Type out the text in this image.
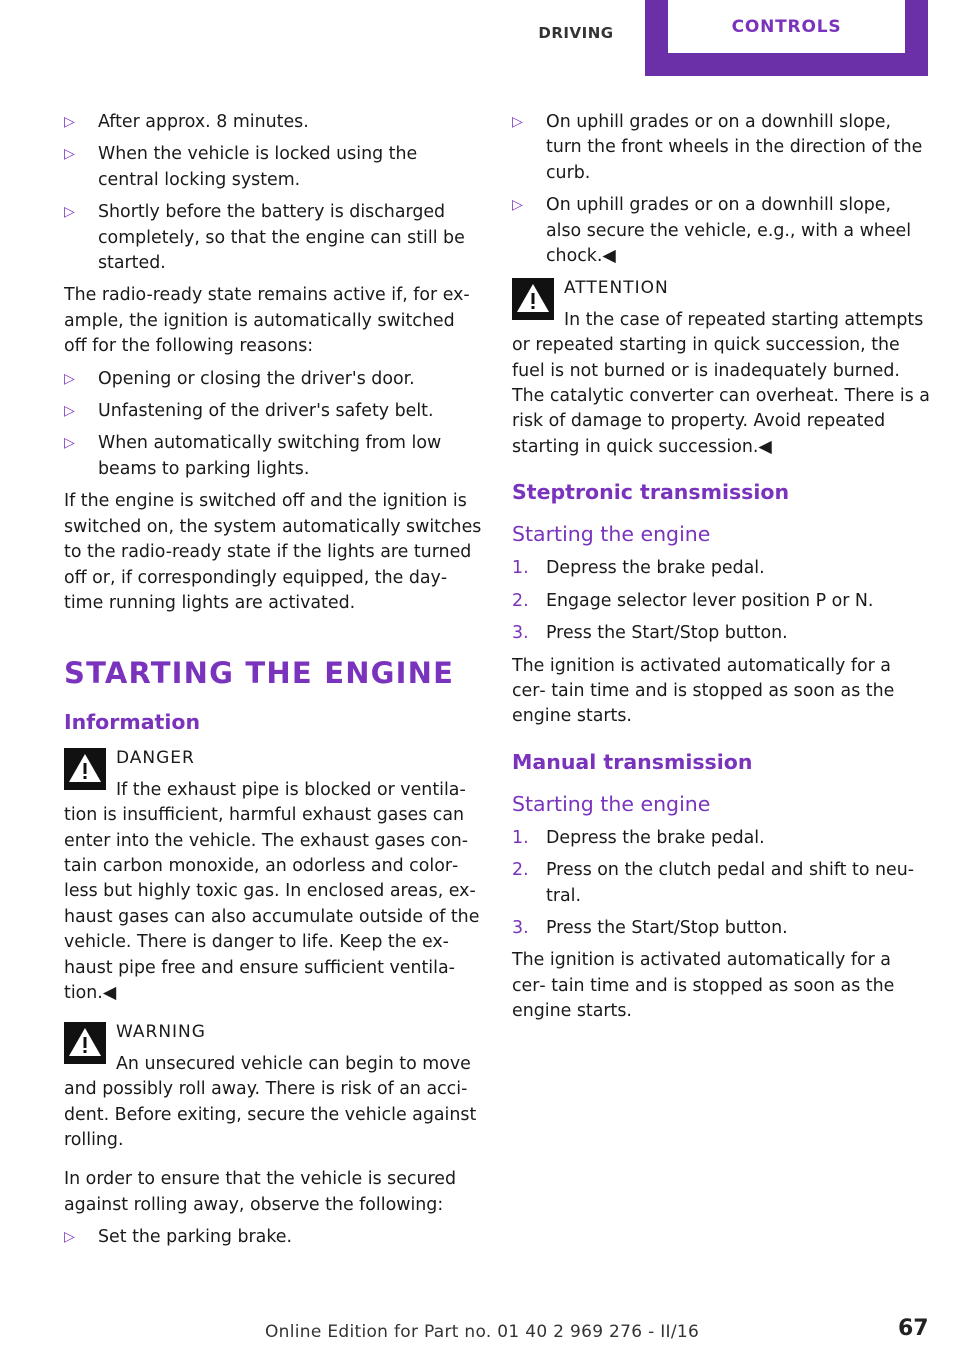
DRIVING	CONTROLS
▷ After approx. 8 minutes.
▷ When the vehicle is locked using the central locking system.
▷ Shortly before the battery is discharged completely, so that the engine can still be started.

The radio-ready state remains active if, for ex‐ ample, the ignition is automatically switched off for the following reasons:

▷ Opening or closing the driver's door.
▷ Unfastening of the driver's safety belt.
▷ When automatically switching from low beams to parking lights.

If the engine is switched off and the ignition is switched on, the system automatically switches to the radio-ready state if the lights are turned off or, if correspondingly equipped, the day‐ time running lights are activated.

STARTING THE ENGINE
Information
DANGER
If the exhaust pipe is blocked or ventila‐ tion is insufficient, harmful exhaust gases can enter into the vehicle. The exhaust gases con‐ tain carbon monoxide, an odorless and color‐ less but highly toxic gas. In enclosed areas, ex‐ haust gases can also accumulate outside of the vehicle. There is danger to life. Keep the ex‐ haust pipe free and ensure sufficient ventila‐ tion.◀
WARNING
An unsecured vehicle can begin to move and possibly roll away. There is risk of an acci‐ dent. Before exiting, secure the vehicle against rolling.

In order to ensure that the vehicle is secured against rolling away, observe the following:

▷ Set the parking brake.
▷ On uphill grades or on a downhill slope, turn the front wheels in the direction of the curb.
▷ On uphill grades or on a downhill slope, also secure the vehicle, e.g., with a wheel chock.◀
ATTENTION
In the case of repeated starting attempts or repeated starting in quick succession, the fuel is not burned or is inadequately burned. The catalytic converter can overheat. There is a risk of damage to property. Avoid repeated starting in quick succession.◀
Steptronic transmission
Starting the engine
1. Depress the brake pedal.
2. Engage selector lever position P or N.
3. Press the Start/Stop button.

The ignition is activated automatically for a cer‐ tain time and is stopped as soon as the engine starts.

Manual transmission
Starting the engine
1. Depress the brake pedal.
2. Press on the clutch pedal and shift to neu‐ tral.
3. Press the Start/Stop button.

The ignition is activated automatically for a cer‐ tain time and is stopped as soon as the engine starts.

Online Edition for Part no. 01 40 2 969 276 - II/16	67
